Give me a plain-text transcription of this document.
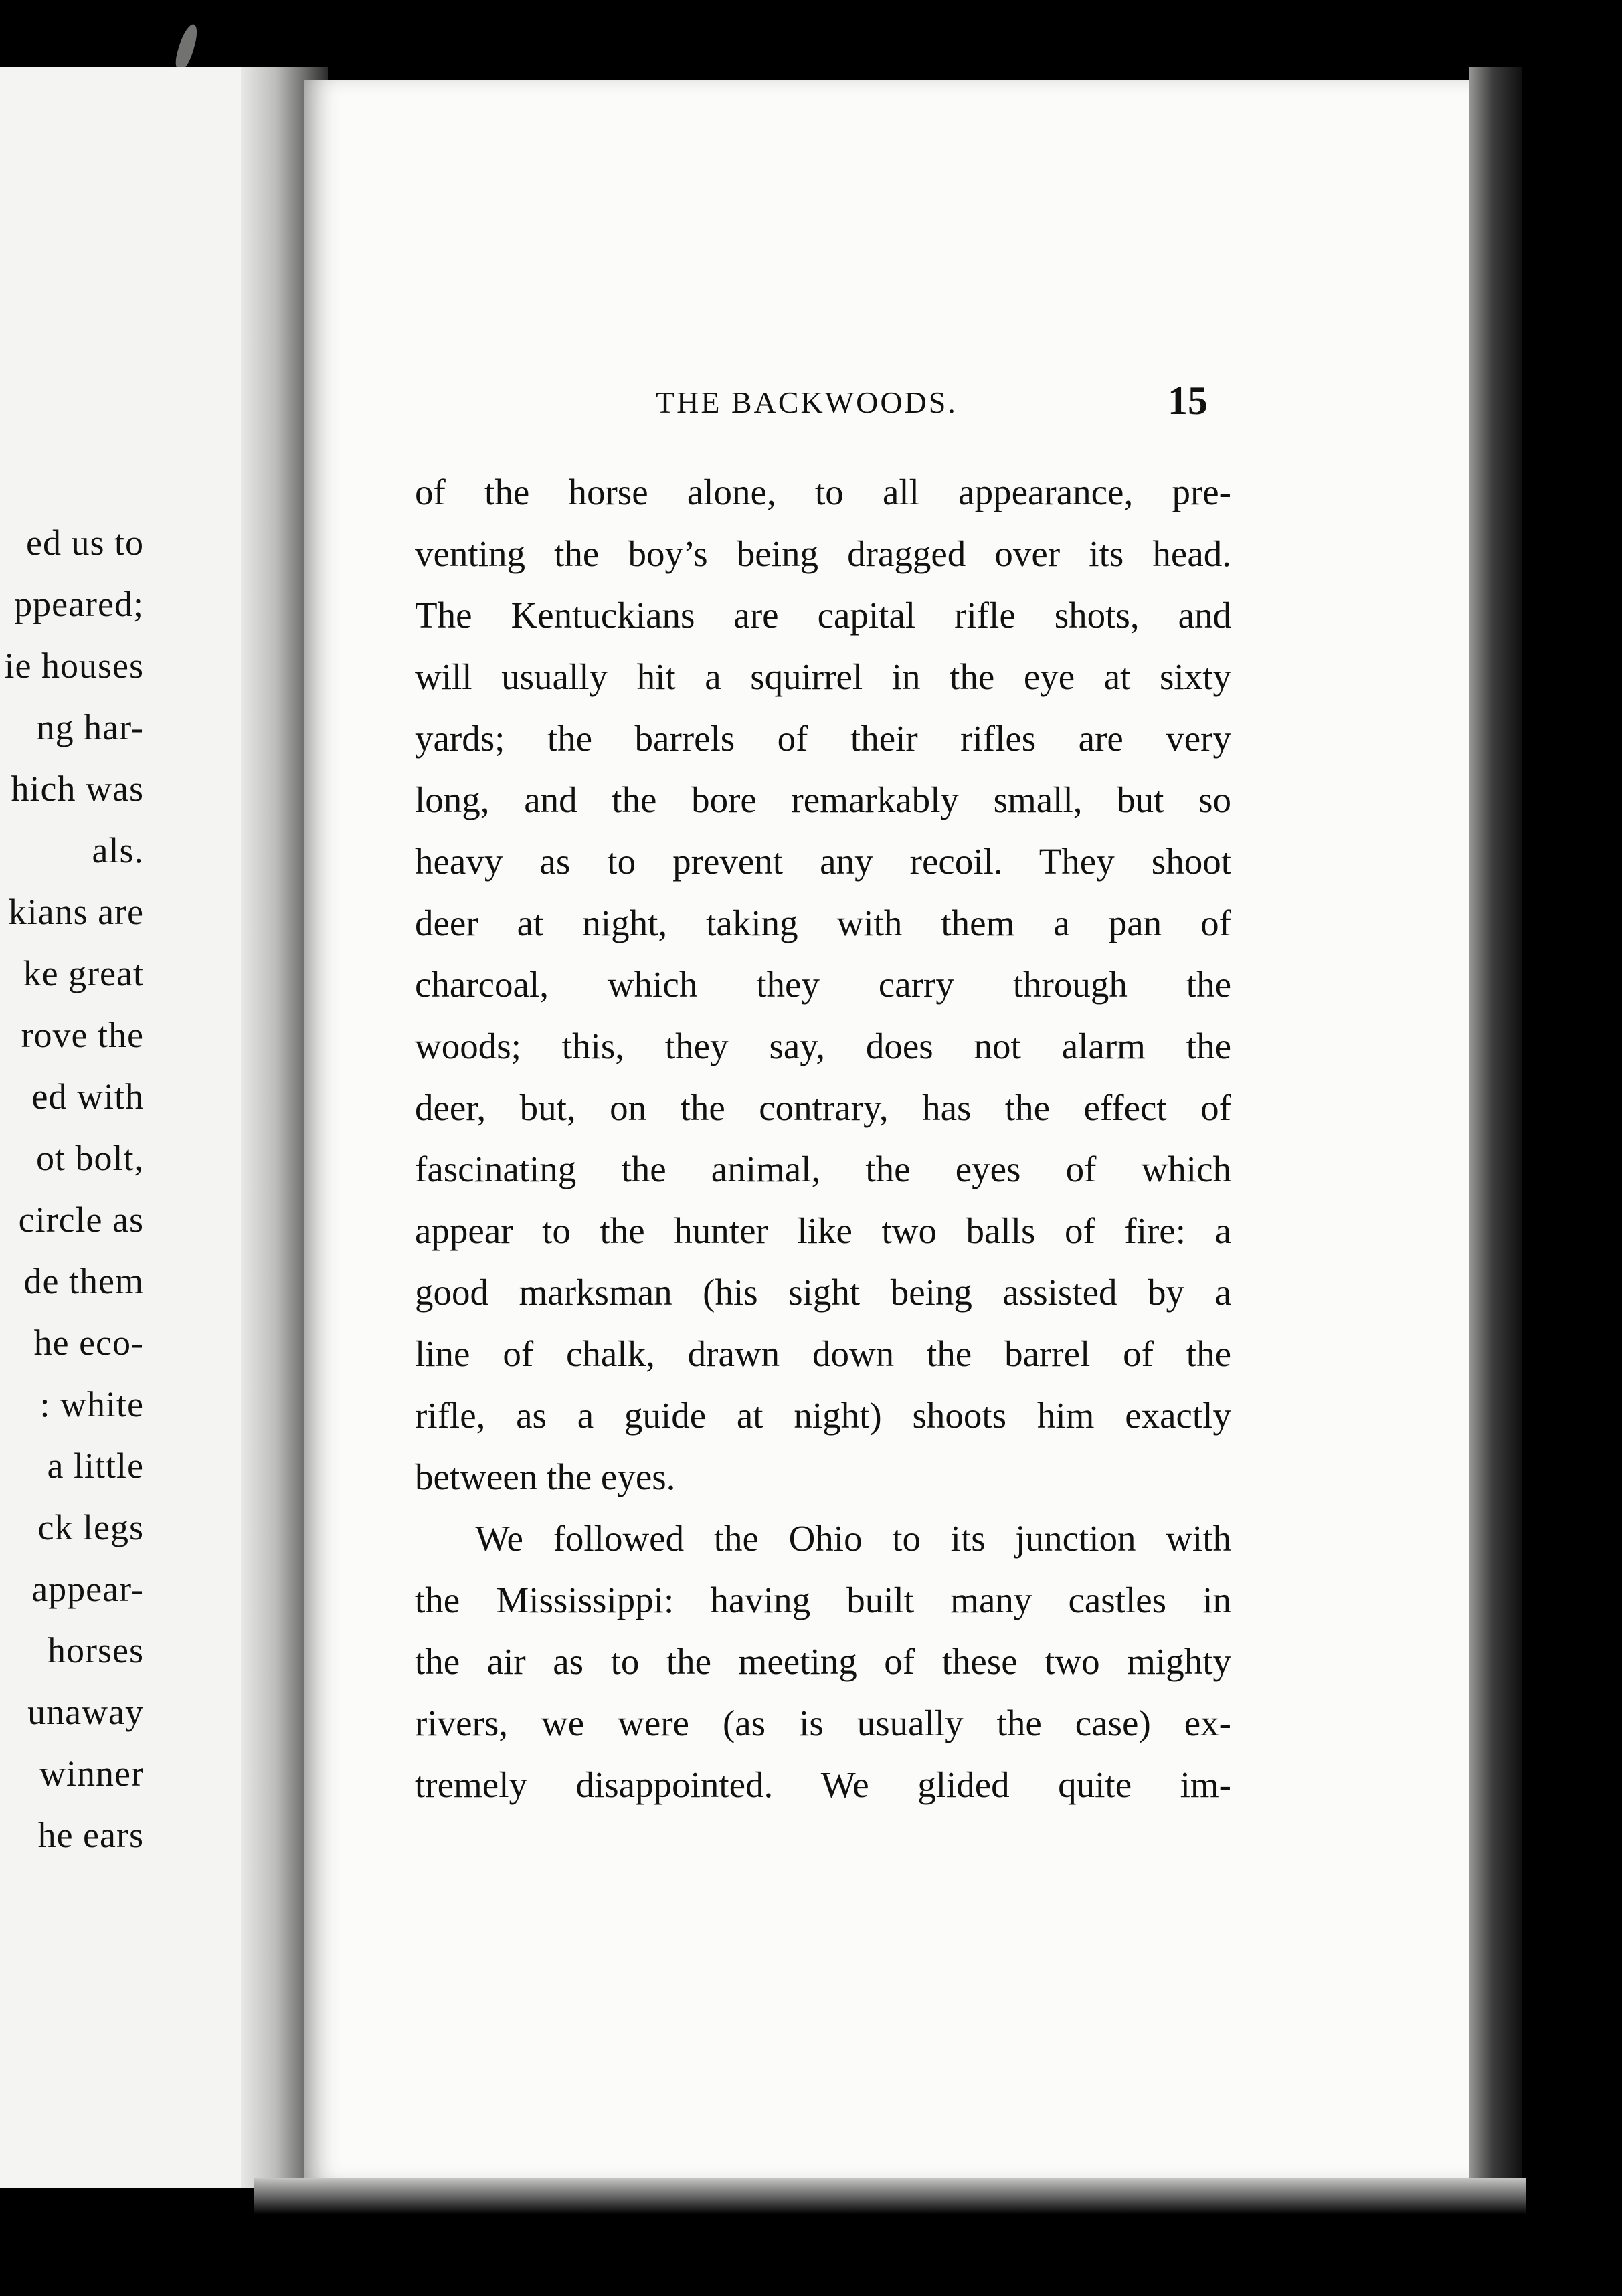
ed us to
ppeared;
ie houses
ng har-
hich was
als.
kians are
ke great
rove the
ed with
ot bolt,
circle as
de them
he eco-
: white
a little
ck legs
appear-
horses
unaway
winner
he ears
THE BACKWOODS.	15
of the horse alone, to all appearance, pre-
venting the boy’s being dragged over its head.
The Kentuckians are capital rifle shots, and
will usually hit a squirrel in the eye at sixty
yards; the barrels of their rifles are very
long, and the bore remarkably small, but so
heavy as to prevent any recoil. They shoot
deer at night, taking with them a pan of
charcoal, which they carry through the
woods; this, they say, does not alarm the
deer, but, on the contrary, has the effect of
fascinating the animal, the eyes of which
appear to the hunter like two balls of fire: a
good marksman (his sight being assisted by a
line of chalk, drawn down the barrel of the
rifle, as a guide at night) shoots him exactly
between the eyes.
We followed the Ohio to its junction with
the Mississippi: having built many castles in
the air as to the meeting of these two mighty
rivers, we were (as is usually the case) ex-
tremely disappointed. We glided quite im-
